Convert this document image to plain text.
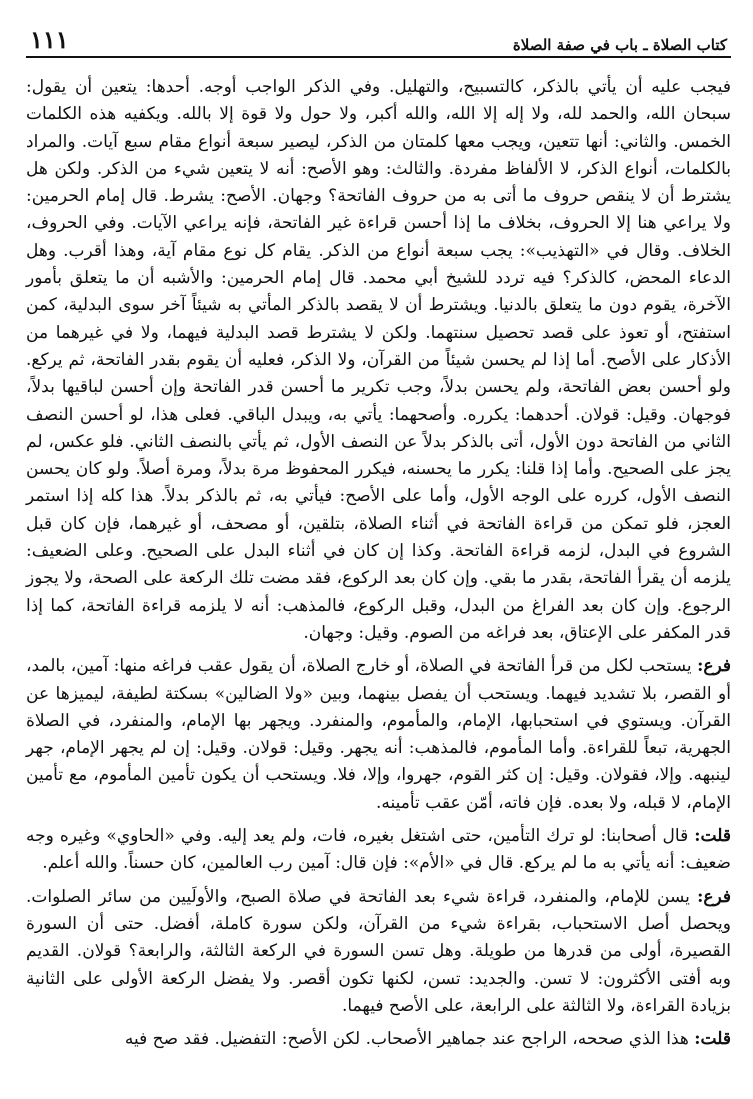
كتاب الصلاة ـ باب في صفة الصلاة
١١١

فيجب عليه أن يأتي بالذكر، كالتسبيح، والتهليل. وفي الذكر الواجب أوجه. أحدها: يتعين أن يقول: سبحان الله، والحمد لله، ولا إله إلا الله، والله أكبر، ولا حول ولا قوة إلا بالله. ويكفيه هذه الكلمات الخمس. والثاني: أنها تتعين، ويجب معها كلمتان من الذكر، ليصير سبعة أنواع مقام سبع آيات. والمراد بالكلمات، أنواع الذكر، لا الألفاظ مفردة. والثالث: وهو الأصح: أنه لا يتعين شيء من الذكر. ولكن هل يشترط أن لا ينقص حروف ما أتى به من حروف الفاتحة؟ وجهان. الأصح: يشرط. قال إمام الحرمين: ولا يراعي هنا إلا الحروف، بخلاف ما إذا أحسن قراءة غير الفاتحة، فإنه يراعي الآيات. وفي الحروف، الخلاف. وقال في «التهذيب»: يجب سبعة أنواع من الذكر. يقام كل نوع مقام آية، وهذا أقرب. وهل الدعاء المحض، كالذكر؟ فيه تردد للشيخ أبي محمد. قال إمام الحرمين: والأشبه أن ما يتعلق بأمور الآخرة، يقوم دون ما يتعلق بالدنيا. ويشترط أن لا يقصد بالذكر المأتي به شيئاً آخر سوى البدلية، كمن استفتح، أو تعوذ على قصد تحصيل سنتهما. ولكن لا يشترط قصد البدلية فيهما، ولا في غيرهما من الأذكار على الأصح. أما إذا لم يحسن شيئاً من القرآن، ولا الذكر، فعليه أن يقوم بقدر الفاتحة، ثم يركع. ولو أحسن بعض الفاتحة، ولم يحسن بدلاً، وجب تكرير ما أحسن قدر الفاتحة وإن أحسن لباقيها بدلاً، فوجهان. وقيل: قولان. أحدهما: يكرره. وأصحهما: يأتي به، ويبدل الباقي. فعلى هذا، لو أحسن النصف الثاني من الفاتحة دون الأول، أتى بالذكر بدلاً عن النصف الأول، ثم يأتي بالنصف الثاني. فلو عكس، لم يجز على الصحيح. وأما إذا قلنا: يكرر ما يحسنه، فيكرر المحفوظ مرة بدلاً، ومرة أصلاً. ولو كان يحسن النصف الأول، كرره على الوجه الأول، وأما على الأصح: فيأتي به، ثم بالذكر بدلاً. هذا كله إذا استمر العجز، فلو تمكن من قراءة الفاتحة في أثناء الصلاة، بتلقين، أو مصحف، أو غيرهما، فإن كان قبل الشروع في البدل، لزمه قراءة الفاتحة. وكذا إن كان في أثناء البدل على الصحيح. وعلى الضعيف: يلزمه أن يقرأ الفاتحة، بقدر ما بقي. وإن كان بعد الركوع، فقد مضت تلك الركعة على الصحة، ولا يجوز الرجوع. وإن كان بعد الفراغ من البدل، وقبل الركوع، فالمذهب: أنه لا يلزمه قراءة الفاتحة، كما إذا قدر المكفر على الإعتاق، بعد فراغه من الصوم. وقيل: وجهان.

فرع: يستحب لكل من قرأ الفاتحة في الصلاة، أو خارج الصلاة، أن يقول عقب فراغه منها: آمين، بالمد، أو القصر، بلا تشديد فيهما. ويستحب أن يفصل بينهما، وبين «ولا الضالين» بسكتة لطيفة، ليميزها عن القرآن. ويستوي في استحبابها، الإمام، والمأموم، والمنفرد. ويجهر بها الإمام، والمنفرد، في الصلاة الجهرية، تبعاً للقراءة. وأما المأموم، فالمذهب: أنه يجهر. وقيل: قولان. وقيل: إن لم يجهر الإمام، جهر لينبهه. وإلا، فقولان. وقيل: إن كثر القوم، جهروا، وإلا، فلا. ويستحب أن يكون تأمين المأموم، مع تأمين الإمام، لا قبله، ولا بعده. فإن فاته، أمّن عقب تأمينه.

قلت: قال أصحابنا: لو ترك التأمين، حتى اشتغل بغيره، فات، ولم يعد إليه. وفي «الحاوي» وغيره وجه ضعيف: أنه يأتي به ما لم يركع. قال في «الأم»: فإن قال: آمين رب العالمين، كان حسناً. والله أعلم.

فرع: يسن للإمام، والمنفرد، قراءة شيء بعد الفاتحة في صلاة الصبح، والأولَيين من سائر الصلوات. ويحصل أصل الاستحباب، بقراءة شيء من القرآن، ولكن سورة كاملة، أفضل. حتى أن السورة القصيرة، أولى من قدرها من طويلة. وهل تسن السورة في الركعة الثالثة، والرابعة؟ قولان. القديم وبه أفتى الأكثرون: لا تسن. والجديد: تسن، لكنها تكون أقصر. ولا يفضل الركعة الأولى على الثانية بزيادة القراءة، ولا الثالثة على الرابعة، على الأصح فيهما.

قلت: هذا الذي صححه، الراجح عند جماهير الأصحاب. لكن الأصح: التفضيل. فقد صح فيه
